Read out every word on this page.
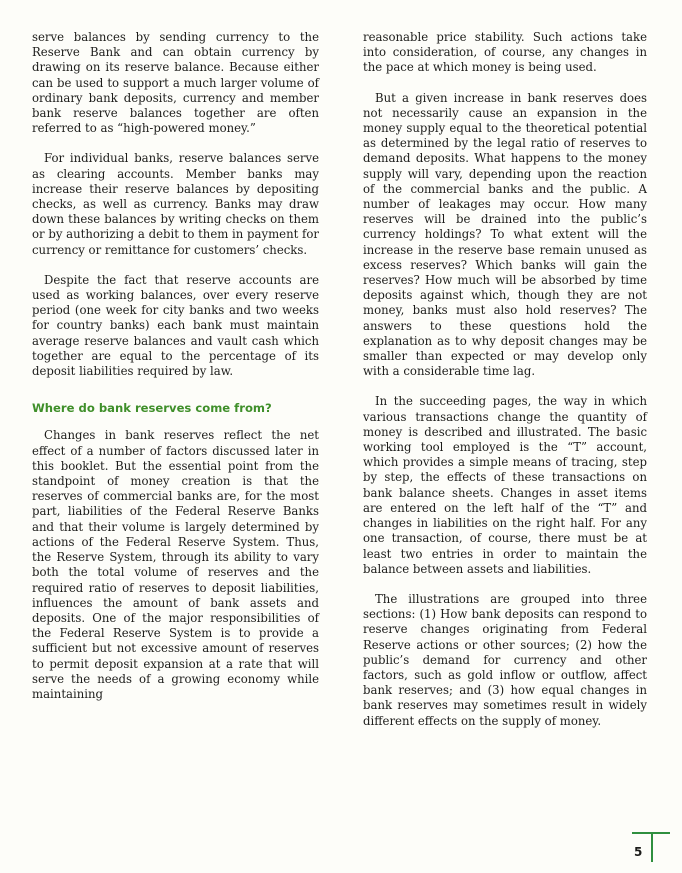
serve balances by sending currency to the Reserve Bank and can obtain currency by drawing on its reserve balance. Because either can be used to support a much larger volume of ordinary bank deposits, currency and member bank reserve balances together are often referred to as “high-powered money.”

For individual banks, reserve balances serve as clearing accounts. Member banks may increase their reserve balances by depositing checks, as well as currency. Banks may draw down these balances by writing checks on them or by authorizing a debit to them in payment for currency or remittance for customers’ checks.

Despite the fact that reserve accounts are used as working balances, over every reserve period (one week for city banks and two weeks for country banks) each bank must maintain average reserve balances and vault cash which together are equal to the percentage of its deposit liabilities required by law.

Where do bank reserves come from?

Changes in bank reserves reflect the net effect of a number of factors discussed later in this booklet. But the essential point from the standpoint of money creation is that the reserves of commercial banks are, for the most part, liabilities of the Federal Reserve Banks and that their volume is largely determined by actions of the Federal Reserve System. Thus, the Reserve System, through its ability to vary both the total volume of reserves and the required ratio of reserves to deposit liabilities, influences the amount of bank assets and deposits. One of the major responsibilities of the Federal Reserve System is to provide a sufficient but not excessive amount of reserves to permit deposit expansion at a rate that will serve the needs of a growing economy while maintaining

reasonable price stability. Such actions take into consideration, of course, any changes in the pace at which money is being used.

But a given increase in bank reserves does not necessarily cause an expansion in the money supply equal to the theoretical potential as determined by the legal ratio of reserves to demand deposits. What happens to the money supply will vary, depending upon the reaction of the commercial banks and the public. A number of leakages may occur. How many reserves will be drained into the public’s currency holdings? To what extent will the increase in the reserve base remain unused as excess reserves? Which banks will gain the reserves? How much will be absorbed by time deposits against which, though they are not money, banks must also hold reserves? The answers to these questions hold the explanation as to why deposit changes may be smaller than expected or may develop only with a considerable time lag.

In the succeeding pages, the way in which various transactions change the quantity of money is described and illustrated. The basic working tool employed is the “T” account, which provides a simple means of tracing, step by step, the effects of these transactions on bank balance sheets. Changes in asset items are entered on the left half of the “T” and changes in liabilities on the right half. For any one transaction, of course, there must be at least two entries in order to maintain the balance between assets and liabilities.

The illustrations are grouped into three sections: (1) How bank deposits can respond to reserve changes originating from Federal Reserve actions or other sources; (2) how the public’s demand for currency and other factors, such as gold inflow or outflow, affect bank reserves; and (3) how equal changes in bank reserves may sometimes result in widely different effects on the supply of money.

5
